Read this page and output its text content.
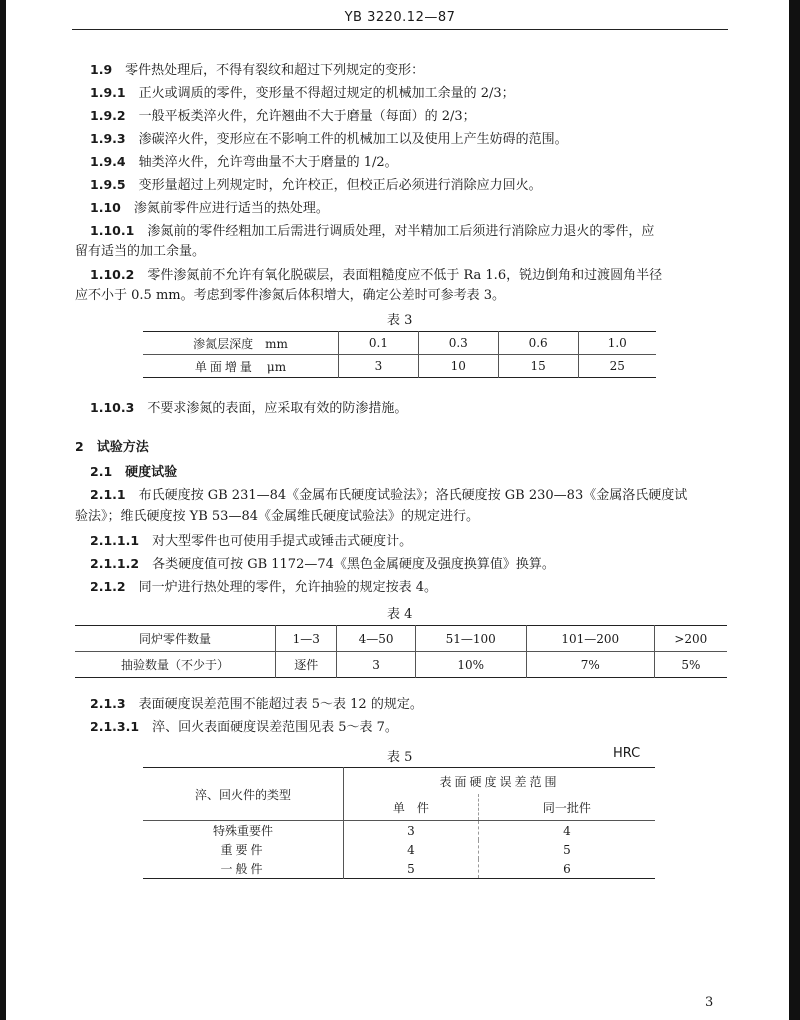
YB 3220.12—87
1.9　 零件热处理后，不得有裂纹和超过下列规定的变形：
1.9.1　 正火或调质的零件，变形量不得超过规定的机械加工余量的 2/3；
1.9.2　 一般平板类淬火件，允许翘曲不大于磨量（每面）的 2/3；
1.9.3　 渗碳淬火件，变形应在不影响工件的机械加工以及使用上产生妨碍的范围。
1.9.4　 轴类淬火件，允许弯曲量不大于磨量的 1/2。
1.9.5　 变形量超过上列规定时，允许校正，但校正后必须进行消除应力回火。
1.10　 渗氮前零件应进行适当的热处理。
1.10.1　 渗氮前的零件经粗加工后需进行调质处理，对半精加工后须进行消除应力退火的零件，应
留有适当的加工余量。
1.10.2　 零件渗氮前不允许有氧化脱碳层，表面粗糙度应不低于 Ra 1.6，锐边倒角和过渡圆角半径
应不小于 0.5 mm。考虑到零件渗氮后体积增大，确定公差时可参考表 3。
表 3
渗氮层深度　 mm	0.1	0.3	0.6	1.0
单面增量　 μm	3	10	15	25
1.10.3　 不要求渗氮的表面，应采取有效的防渗措施。
2　 试验方法
2.1　 硬度试验
2.1.1　 布氏硬度按 GB 231—84《金属布氏硬度试验法》；洛氏硬度按 GB 230—83《金属洛氏硬度试
验法》；维氏硬度按 YB 53—84《金属维氏硬度试验法》的规定进行。
2.1.1.1　 对大型零件也可使用手提式或锤击式硬度计。
2.1.1.2　 各类硬度值可按 GB 1172—74《黑色金属硬度及强度换算值》换算。
2.1.2　 同一炉进行热处理的零件，允许抽验的规定按表 4。
表 4
同炉零件数量	1—3	4—50	51—100	101—200	>200
抽验数量（不少于）	逐件	3	10%	7%	5%
2.1.3　 表面硬度误差范围不能超过表 5～表 12 的规定。
2.1.3.1　 淬、回火表面硬度误差范围见表 5～表 7。
表 5	HRC
淬、回火件的类型	表面硬度误差范围	
	单　件	同一批件
特殊重要件	3	4
重要件	4	5
一般件	5	6
3
